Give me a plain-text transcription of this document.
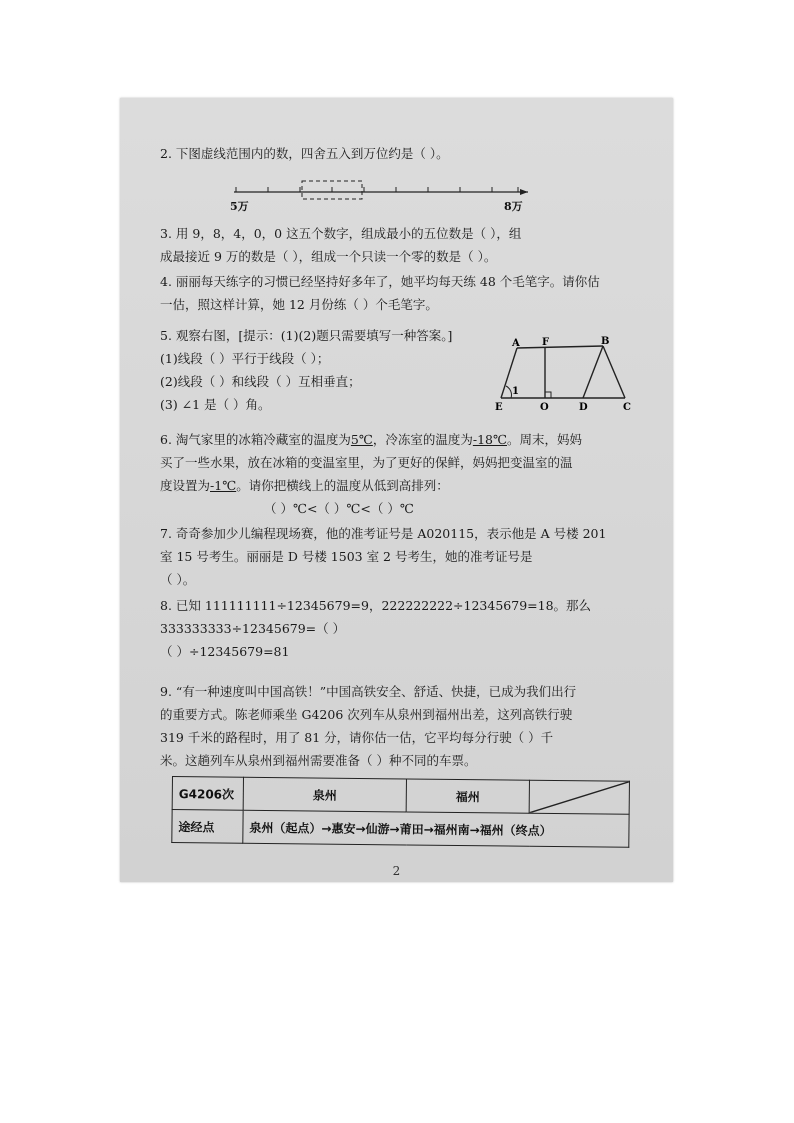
2. 下图虚线范围内的数，四舍五入到万位约是（ ）。
5万	8万
3. 用 9，8，4，0，0 这五个数字，组成最小的五位数是（ ），组
成最接近 9 万的数是（ ），组成一个只读一个零的数是（ ）。
4. 丽丽每天练字的习惯已经坚持好多年了，她平均每天练 48 个毛笔字。请你估
一估，照这样计算，她 12 月份练（ ）个毛笔字。
5. 观察右图，[提示：(1)(2)题只需要填写一种答案。]
(1)线段（ ）平行于线段（ ）；
(2)线段（ ）和线段（ ）互相垂直；
(3) ∠1 是（ ）角。
A F	B
E	O	D	C
1
6. 淘气家里的冰箱冷藏室的温度为5℃，冷冻室的温度为-18℃。周末，妈妈
买了一些水果，放在冰箱的变温室里，为了更好的保鲜，妈妈把变温室的温
度设置为-1℃。请你把横线上的温度从低到高排列：
（ ）℃<（ ）℃<（ ）℃
7. 奇奇参加少儿编程现场赛，他的准考证号是 A020115，表示他是 A 号楼 201
室 15 号考生。丽丽是 D 号楼 1503 室 2 号考生，她的准考证号是
（ ）。
8. 已知 111111111÷12345679=9，222222222÷12345679=18。那么
333333333÷12345679=（ ）
（ ）÷12345679=81
9. “有一种速度叫中国高铁！”中国高铁安全、舒适、快捷，已成为我们出行
的重要方式。陈老师乘坐 G4206 次列车从泉州到福州出差，这列高铁行驶
319 千米的路程时，用了 81 分，请你估一估，它平均每分行驶（ ）千
米。这趟列车从泉州到福州需要准备（ ）种不同的车票。
G4206次	泉州	福州	

途经点	泉州（起点）→惠安→仙游→莆田→福州南→福州（终点）		
2
